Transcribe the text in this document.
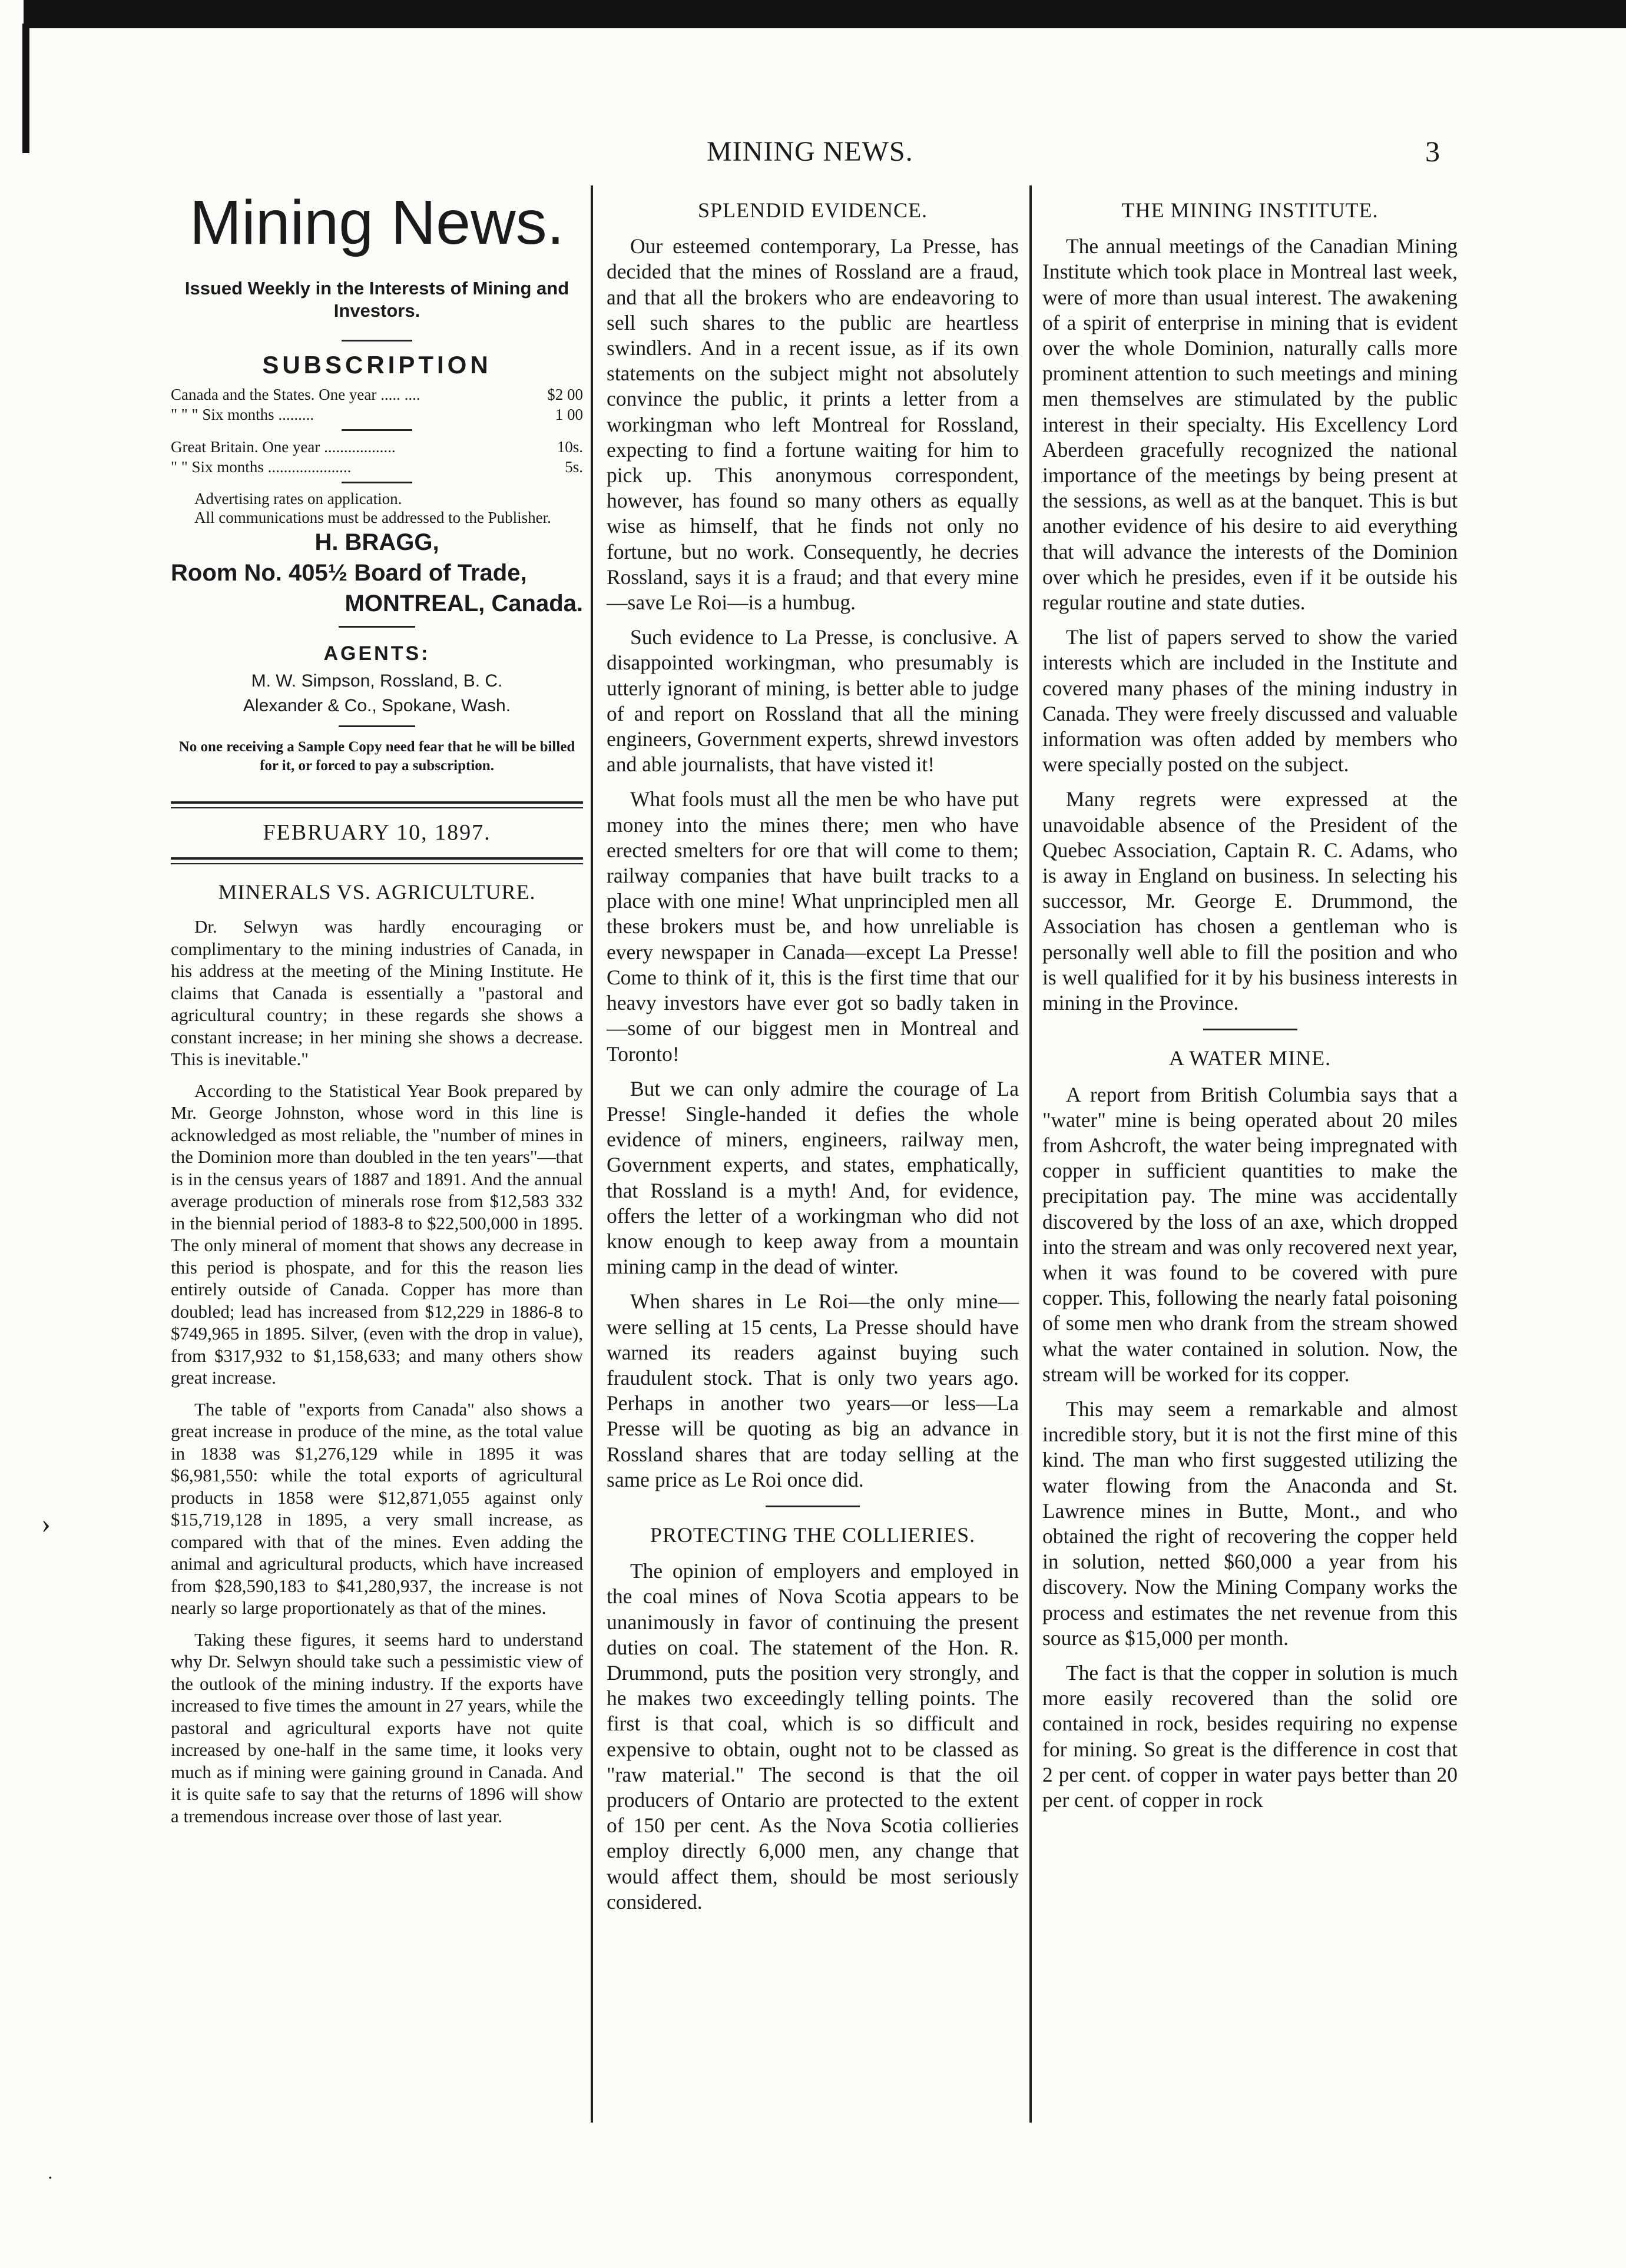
›
·
MINING NEWS.	3
Mining News.
Issued Weekly in the Interests of Mining and Investors.
SUBSCRIPTION
Canada and the States. One year ..... ....	$2 00
" " " Six months .........	1 00
Great Britain. One year ..................	10s.
" " Six months .....................	5s.
Advertising rates on application.
All communications must be addressed to the Publisher.
H. BRAGG,
Room No. 405½ Board of Trade,
MONTREAL, Canada.
AGENTS:
M. W. Simpson, Rossland, B. C.
Alexander & Co., Spokane, Wash.
No one receiving a Sample Copy need fear that he will be billed for it, or forced to pay a subscription.
FEBRUARY 10, 1897.
MINERALS VS. AGRICULTURE.

Dr. Selwyn was hardly encouraging or complimentary to the mining industries of Canada, in his address at the meeting of the Mining Institute. He claims that Canada is essentially a "pastoral and agricultural country; in these regards she shows a constant increase; in her mining she shows a decrease. This is inevitable."

According to the Statistical Year Book prepared by Mr. George Johnston, whose word in this line is acknowledged as most reliable, the "number of mines in the Dominion more than doubled in the ten years"—that is in the census years of 1887 and 1891. And the annual average production of minerals rose from $12,583 332 in the biennial period of 1883-8 to $22,500,000 in 1895. The only mineral of moment that shows any decrease in this period is phospate, and for this the reason lies entirely outside of Canada. Copper has more than doubled; lead has increased from $12,229 in 1886-8 to $749,965 in 1895. Silver, (even with the drop in value), from $317,932 to $1,158,633; and many others show great increase.

The table of "exports from Canada" also shows a great increase in produce of the mine, as the total value in 1838 was $1,276,129 while in 1895 it was $6,981,550: while the total exports of agricultural products in 1858 were $12,871,055 against only $15,719,128 in 1895, a very small increase, as compared with that of the mines. Even adding the animal and agricultural products, which have increased from $28,590,183 to $41,280,937, the increase is not nearly so large proportionately as that of the mines.

Taking these figures, it seems hard to understand why Dr. Selwyn should take such a pessimistic view of the outlook of the mining industry. If the exports have increased to five times the amount in 27 years, while the pastoral and agricultural exports have not quite increased by one-half in the same time, it looks very much as if mining were gaining ground in Canada. And it is quite safe to say that the returns of 1896 will show a tremendous increase over those of last year.

SPLENDID EVIDENCE.

Our esteemed contemporary, La Presse, has decided that the mines of Rossland are a fraud, and that all the brokers who are endeavoring to sell such shares to the public are heartless swindlers. And in a recent issue, as if its own statements on the subject might not absolutely convince the public, it prints a letter from a workingman who left Montreal for Rossland, expecting to find a fortune waiting for him to pick up. This anonymous correspondent, however, has found so many others as equally wise as himself, that he finds not only no fortune, but no work. Consequently, he decries Rossland, says it is a fraud; and that every mine—save Le Roi—is a humbug.

Such evidence to La Presse, is conclusive. A disappointed workingman, who presumably is utterly ignorant of mining, is better able to judge of and report on Rossland that all the mining engineers, Government experts, shrewd investors and able journalists, that have visted it!

What fools must all the men be who have put money into the mines there; men who have erected smelters for ore that will come to them; railway companies that have built tracks to a place with one mine! What unprincipled men all these brokers must be, and how unreliable is every newspaper in Canada—except La Presse! Come to think of it, this is the first time that our heavy investors have ever got so badly taken in—some of our biggest men in Montreal and Toronto!

But we can only admire the courage of La Presse! Single-handed it defies the whole evidence of miners, engineers, railway men, Government experts, and states, emphatically, that Rossland is a myth! And, for evidence, offers the letter of a workingman who did not know enough to keep away from a mountain mining camp in the dead of winter.

When shares in Le Roi—the only mine—were selling at 15 cents, La Presse should have warned its readers against buying such fraudulent stock. That is only two years ago. Perhaps in another two years—or less—La Presse will be quoting as big an advance in Rossland shares that are today selling at the same price as Le Roi once did.

PROTECTING THE COLLIERIES.

The opinion of employers and employed in the coal mines of Nova Scotia appears to be unanimously in favor of continuing the present duties on coal. The statement of the Hon. R. Drummond, puts the position very strongly, and he makes two exceedingly telling points. The first is that coal, which is so difficult and expensive to obtain, ought not to be classed as "raw material." The second is that the oil producers of Ontario are protected to the extent of 150 per cent. As the Nova Scotia collieries employ directly 6,000 men, any change that would affect them, should be most seriously considered.

THE MINING INSTITUTE.

The annual meetings of the Canadian Mining Institute which took place in Montreal last week, were of more than usual interest. The awakening of a spirit of enterprise in mining that is evident over the whole Dominion, naturally calls more prominent attention to such meetings and mining men themselves are stimulated by the public interest in their specialty. His Excellency Lord Aberdeen gracefully recognized the national importance of the meetings by being present at the sessions, as well as at the banquet. This is but another evidence of his desire to aid everything that will advance the interests of the Dominion over which he presides, even if it be outside his regular routine and state duties.

The list of papers served to show the varied interests which are included in the Institute and covered many phases of the mining industry in Canada. They were freely discussed and valuable information was often added by members who were specially posted on the subject.

Many regrets were expressed at the unavoidable absence of the President of the Quebec Association, Captain R. C. Adams, who is away in England on business. In selecting his successor, Mr. George E. Drummond, the Association has chosen a gentleman who is personally well able to fill the position and who is well qualified for it by his business interests in mining in the Province.

A WATER MINE.

A report from British Columbia says that a "water" mine is being operated about 20 miles from Ashcroft, the water being impregnated with copper in sufficient quantities to make the precipitation pay. The mine was accidentally discovered by the loss of an axe, which dropped into the stream and was only recovered next year, when it was found to be covered with pure copper. This, following the nearly fatal poisoning of some men who drank from the stream showed what the water contained in solution. Now, the stream will be worked for its copper.

This may seem a remarkable and almost incredible story, but it is not the first mine of this kind. The man who first suggested utilizing the water flowing from the Anaconda and St. Lawrence mines in Butte, Mont., and who obtained the right of recovering the copper held in solution, netted $60,000 a year from his discovery. Now the Mining Company works the process and estimates the net revenue from this source as $15,000 per month.

The fact is that the copper in solution is much more easily recovered than the solid ore contained in rock, besides requiring no expense for mining. So great is the difference in cost that 2 per cent. of copper in water pays better than 20 per cent. of copper in rock
